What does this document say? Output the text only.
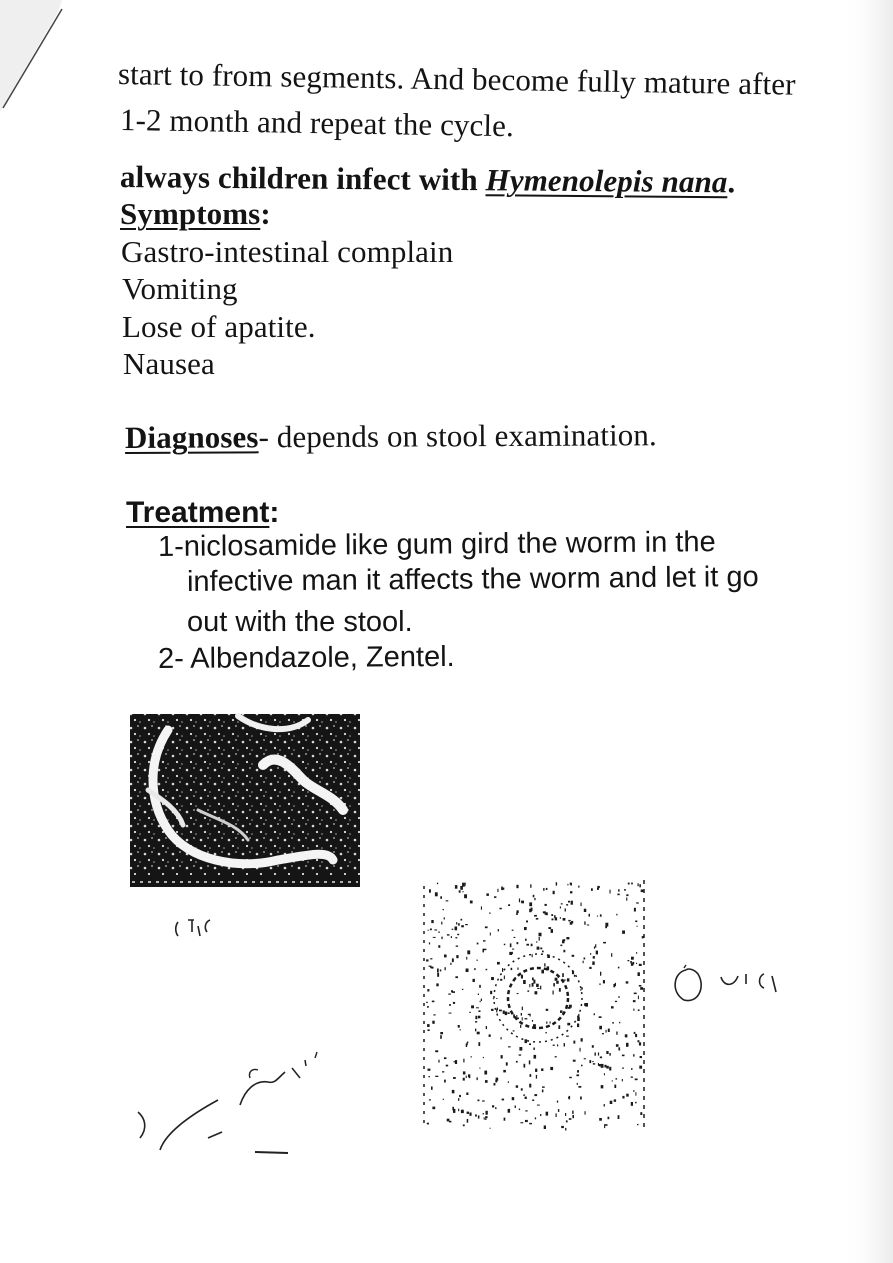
start to from segments. And become fully mature after
1-2 month and repeat the cycle.
always children infect with Hymenolepis nana.
Symptoms:
Gastro-intestinal complain
Vomiting
Lose of apatite.
Nausea
Diagnoses- depends on stool examination.
Treatment:
1-niclosamide like gum gird the worm in the
infective man it affects the worm and let it go
out with the stool.
2- Albendazole, Zentel.
